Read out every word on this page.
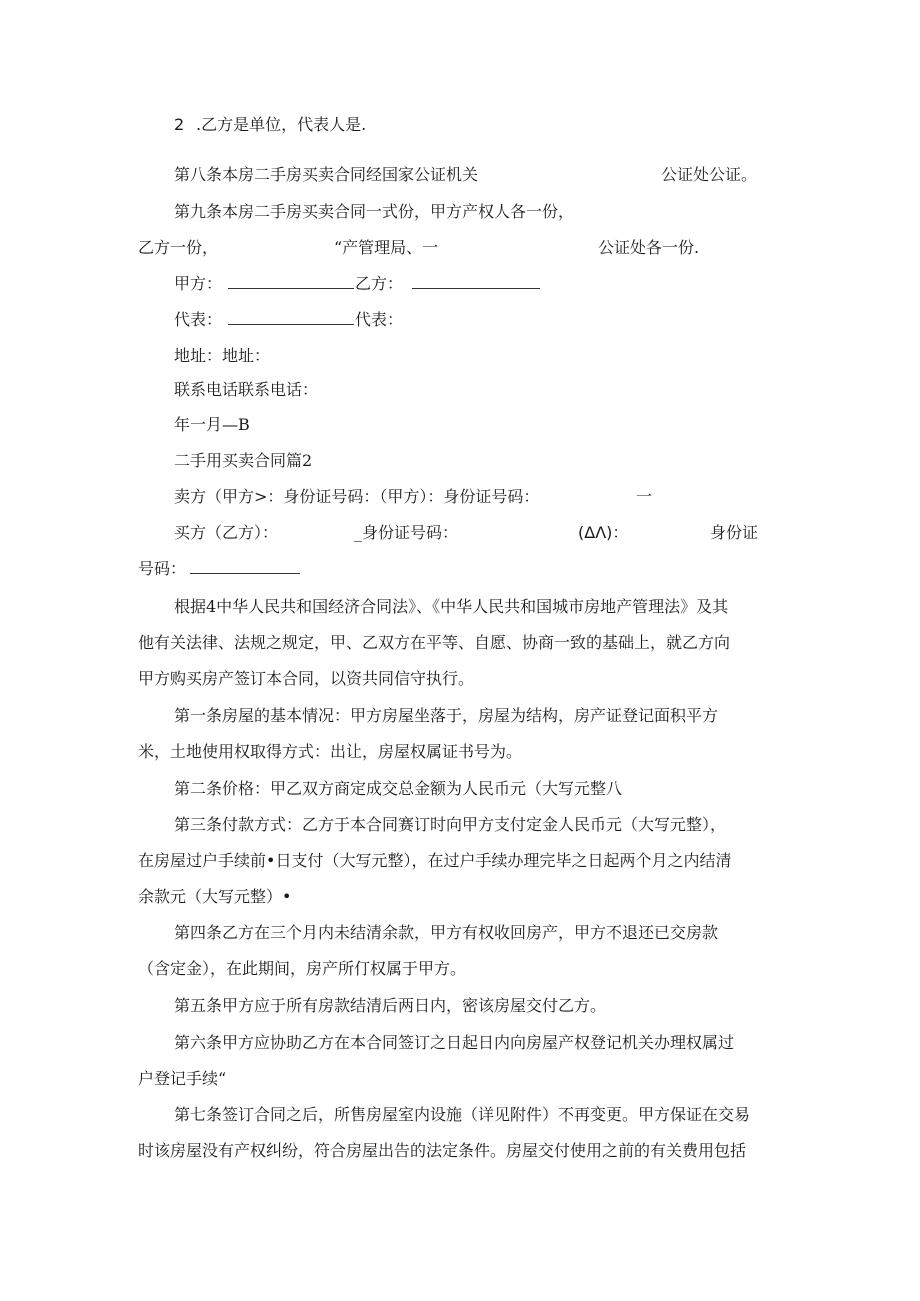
2 .乙方是单位，代表人是.
第八条本房二手房买卖合同经国家公证机关	公证处公证。
第九条本房二手房买卖合同一式份，甲方产权人各一份，
乙方一份，	“产管理局、一	公证处各一份.
甲方：	乙方：
代表：	代表：
地址：地址：
联系电话联系电话：
年一月—B
二手用买卖合同篇2
卖方（甲方>：身份证号码：（甲方）：身份证号码：	一
买方（乙方）：	_身份证号码：	(ΔΛ)：	身份证
号码：
根据4中华人民共和国经济合同法》、《中华人民共和国城市房地产管理法》及其
他有关法律、法规之规定，甲、乙双方在平等、自愿、协商一致的基础上，就乙方向
甲方购买房产签订本合同，以资共同信守执行。
第一条房屋的基本情况：甲方房屋坐落于，房屋为结构，房产证登记面积平方
米，土地使用权取得方式：出让，房屋权属证书号为。
第二条价格：甲乙双方商定成交总金额为人民币元（大写元整八
第三条付款方式：乙方于本合同赛订时向甲方支付定金人民币元（大写元整），
在房屋过户手续前•日支付（大写元整），在过户手续办理完毕之日起两个月之内结清
余款元（大写元整）•
第四条乙方在三个月内未结清余款，甲方有权收回房产，甲方不退还已交房款
（含定金），在此期间，房产所仃权属于甲方。
第五条甲方应于所有房款结清后两日内，密该房屋交付乙方。
第六条甲方应协助乙方在本合同签订之日起日内向房屋产权登记机关办理权属过
户登记手续“
第七条签订合同之后，所售房屋室内设施（详见附件）不再变更。甲方保证在交易
时该房屋没有产权纠纷，符合房屋出告的法定条件。房屋交付使用之前的有关费用包括
